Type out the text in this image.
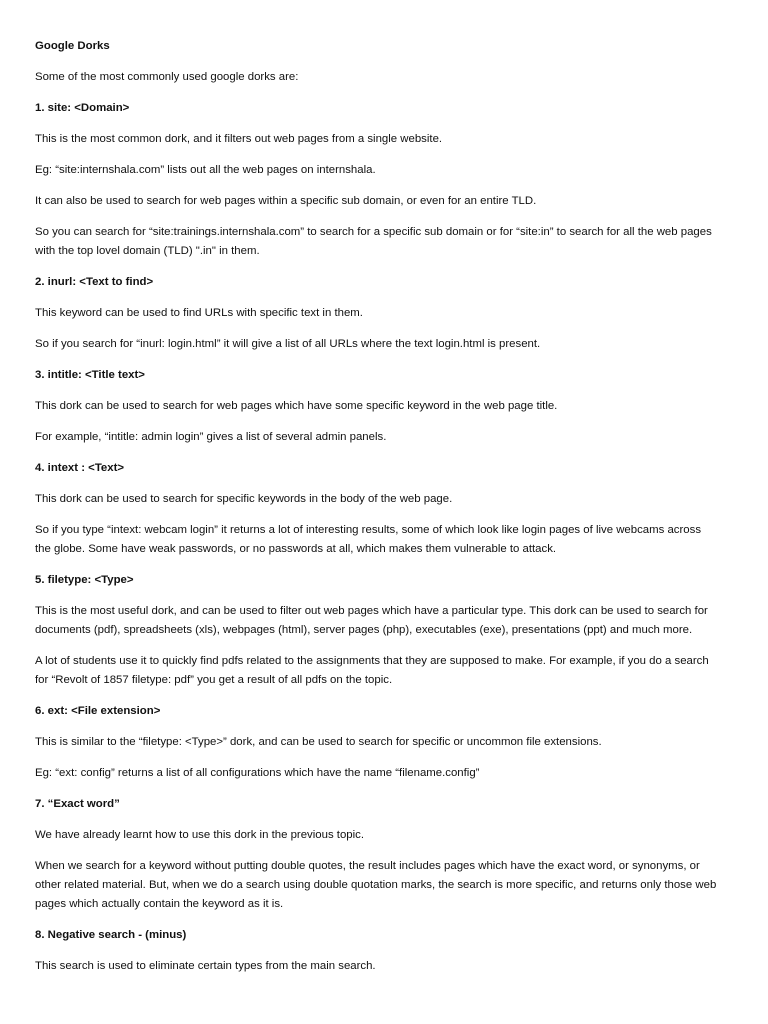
Google Dorks
Some of the most commonly used google dorks are:
1. site: <Domain>
This is the most common dork, and it filters out web pages from a single website.
Eg: “site:internshala.com” lists out all the web pages on internshala.
It can also be used to search for web pages within a specific sub domain, or even for an entire TLD.
So you can search for “site:trainings.internshala.com” to search for a specific sub domain or for “site:in” to search for all the web pages
with the top lovel domain (TLD) ".in" in them.
2. inurl: <Text to find>
This keyword can be used to find URLs with specific text in them.
So if you search for “inurl: login.html” it will give a list of all URLs where the text login.html is present.
3. intitle: <Title text>
This dork can be used to search for web pages which have some specific keyword in the web page title.
For example, “intitle: admin login” gives a list of several admin panels.
4. intext : <Text>
This dork can be used to search for specific keywords in the body of the web page.
So if you type “intext: webcam login” it returns a lot of interesting results, some of which look like login pages of live webcams across
the globe. Some have weak passwords, or no passwords at all, which makes them vulnerable to attack.
5. filetype: <Type>
This is the most useful dork, and can be used to filter out web pages which have a particular type. This dork can be used to search for
documents (pdf), spreadsheets (xls), webpages (html), server pages (php), executables (exe), presentations (ppt) and much more.
A lot of students use it to quickly find pdfs related to the assignments that they are supposed to make. For example, if you do a search
for “Revolt of 1857 filetype: pdf” you get a result of all pdfs on the topic.
6. ext: <File extension>
This is similar to the “filetype: <Type>” dork, and can be used to search for specific or uncommon file extensions.
Eg: “ext: config” returns a list of all configurations which have the name “filename.config”
7. “Exact word”
We have already learnt how to use this dork in the previous topic.
When we search for a keyword without putting double quotes, the result includes pages which have the exact word, or synonyms, or
other related material. But, when we do a search using double quotation marks, the search is more specific, and returns only those web
pages which actually contain the keyword as it is.
8. Negative search - (minus)
This search is used to eliminate certain types from the main search.
